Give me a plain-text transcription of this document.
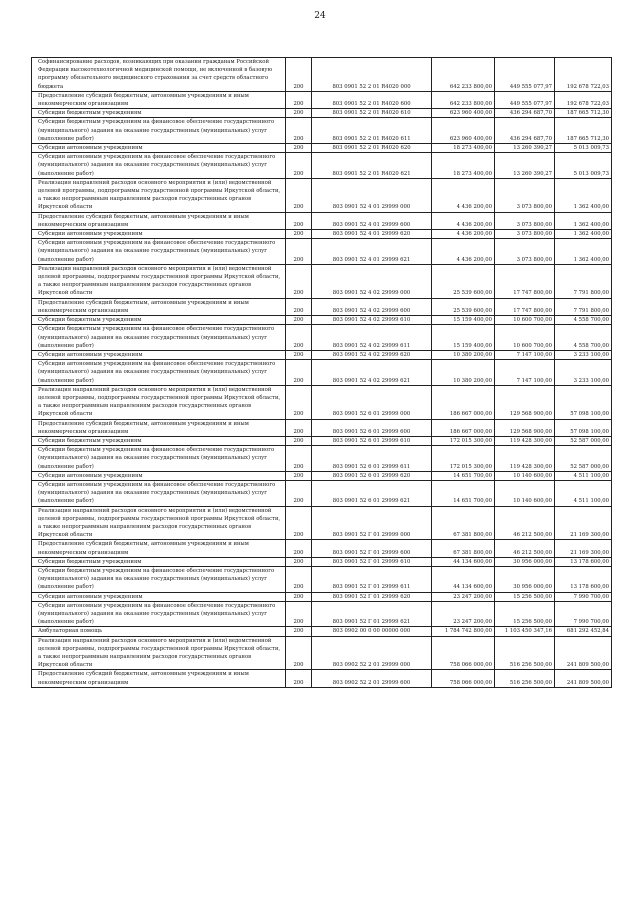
24
Софинансирование расходов, возникающих при оказании гражданам Российской Федерации высокотехнологичной медицинской помощи, не включенной в базовую программу обязательного медицинского страхования за счет средств областного бюджета	200	803 0901 52 2 01 R4020 000	642 233 800,00	449 555 077,97	192 678 722,03

Предоставление субсидий бюджетным, автономным учреждениям и иным некоммерческим организациям	200	803 0901 52 2 01 R4020 600	642 233 800,00	449 555 077,97	192 678 722,03

Субсидии бюджетным учреждениям	200	803 0901 52 2 01 R4020 610	623 960 400,00	436 294 687,70	187 665 712,30

Субсидии бюджетным учреждениям на финансовое обеспечение государственного (муниципального) задания на оказание государственных (муниципальных) услуг (выполнение работ)	200	803 0901 52 2 01 R4020 611	623 960 400,00	436 294 687,70	187 665 712,30

Субсидии автономным учреждениям	200	803 0901 52 2 01 R4020 620	18 273 400,00	13 260 390,27	5 013 009,73

Субсидии автономным учреждениям на финансовое обеспечение государственного (муниципального) задания на оказание государственных (муниципальных) услуг (выполнение работ)	200	803 0901 52 2 01 R4020 621	18 273 400,00	13 260 390,27	5 013 009,73

Реализация направлений расходов основного мероприятия и (или) ведомственной целевой программы, подпрограммы государственной программы Иркутской области, а также непрограммным направлениям расходов государственных органов Иркутской области	200	803 0901 52 4 01 29999 000	4 436 200,00	3 073 800,00	1 362 400,00

Предоставление субсидий бюджетным, автономным учреждениям и иным некоммерческим организациям	200	803 0901 52 4 01 29999 600	4 436 200,00	3 073 800,00	1 362 400,00

Субсидии автономным учреждениям	200	803 0901 52 4 01 29999 620	4 436 200,00	3 073 800,00	1 362 400,00

Субсидии автономным учреждениям на финансовое обеспечение государственного (муниципального) задания на оказание государственных (муниципальных) услуг (выполнение работ)	200	803 0901 52 4 01 29999 621	4 436 200,00	3 073 800,00	1 362 400,00

Реализация направлений расходов основного мероприятия и (или) ведомственной целевой программы, подпрограммы государственной программы Иркутской области, а также непрограммным направлениям расходов государственных органов Иркутской области	200	803 0901 52 4 02 29999 000	25 539 600,00	17 747 800,00	7 791 800,00

Предоставление субсидий бюджетным, автономным учреждениям и иным некоммерческим организациям	200	803 0901 52 4 02 29999 600	25 539 600,00	17 747 800,00	7 791 800,00

Субсидии бюджетным учреждениям	200	803 0901 52 4 02 29999 610	15 159 400,00	10 600 700,00	4 558 700,00

Субсидии бюджетным учреждениям на финансовое обеспечение государственного (муниципального) задания на оказание государственных (муниципальных) услуг (выполнение работ)	200	803 0901 52 4 02 29999 611	15 159 400,00	10 600 700,00	4 558 700,00

Субсидии автономным учреждениям	200	803 0901 52 4 02 29999 620	10 380 200,00	7 147 100,00	3 233 100,00

Субсидии автономным учреждениям на финансовое обеспечение государственного (муниципального) задания на оказание государственных (муниципальных) услуг (выполнение работ)	200	803 0901 52 4 02 29999 621	10 380 200,00	7 147 100,00	3 233 100,00

Реализация направлений расходов основного мероприятия и (или) ведомственной целевой программы, подпрограммы государственной программы Иркутской области, а также непрограммным направлениям расходов государственных органов Иркутской области	200	803 0901 52 6 01 29999 000	186 667 000,00	129 568 900,00	57 098 100,00

Предоставление субсидий бюджетным, автономным учреждениям и иным некоммерческим организациям	200	803 0901 52 6 01 29999 600	186 667 000,00	129 568 900,00	57 098 100,00

Субсидии бюджетным учреждениям	200	803 0901 52 6 01 29999 610	172 015 300,00	119 428 300,00	52 587 000,00

Субсидии бюджетным учреждениям на финансовое обеспечение государственного (муниципального) задания на оказание государственных (муниципальных) услуг (выполнение работ)	200	803 0901 52 6 01 29999 611	172 015 300,00	119 428 300,00	52 587 000,00

Субсидии автономным учреждениям	200	803 0901 52 6 01 29999 620	14 651 700,00	10 140 600,00	4 511 100,00

Субсидии автономным учреждениям на финансовое обеспечение государственного (муниципального) задания на оказание государственных (муниципальных) услуг (выполнение работ)	200	803 0901 52 6 01 29999 621	14 651 700,00	10 140 600,00	4 511 100,00

Реализация направлений расходов основного мероприятия и (или) ведомственной целевой программы, подпрограммы государственной программы Иркутской области, а также непрограммным направлениям расходов государственных органов Иркутской области	200	803 0901 52 Г 01 29999 000	67 381 800,00	46 212 500,00	21 169 300,00

Предоставление субсидий бюджетным, автономным учреждениям и иным некоммерческим организациям	200	803 0901 52 Г 01 29999 600	67 381 800,00	46 212 500,00	21 169 300,00

Субсидии бюджетным учреждениям	200	803 0901 52 Г 01 29999 610	44 134 600,00	30 956 000,00	13 178 600,00

Субсидии бюджетным учреждениям на финансовое обеспечение государственного (муниципального) задания на оказание государственных (муниципальных) услуг (выполнение работ)	200	803 0901 52 Г 01 29999 611	44 134 600,00	30 956 000,00	13 178 600,00

Субсидии автономным учреждениям	200	803 0901 52 Г 01 29999 620	23 247 200,00	15 256 500,00	7 990 700,00

Субсидии автономным учреждениям на финансовое обеспечение государственного (муниципального) задания на оказание государственных (муниципальных) услуг (выполнение работ)	200	803 0901 52 Г 01 29999 621	23 247 200,00	15 256 500,00	7 990 700,00

Амбулаторная помощь	200	803 0902 00 0 00 00000 000	1 784 742 800,00	1 103 450 347,16	681 292 452,84

Реализация направлений расходов основного мероприятия и (или) ведомственной целевой программы, подпрограммы государственной программы Иркутской области, а также непрограммным направлениям расходов государственных органов Иркутской области	200	803 0902 52 2 01 29999 000	758 066 000,00	516 256 500,00	241 809 500,00

Предоставление субсидий бюджетным, автономным учреждениям и иным некоммерческим организациям	200	803 0902 52 2 01 29999 600	758 066 000,00	516 256 500,00	241 809 500,00
